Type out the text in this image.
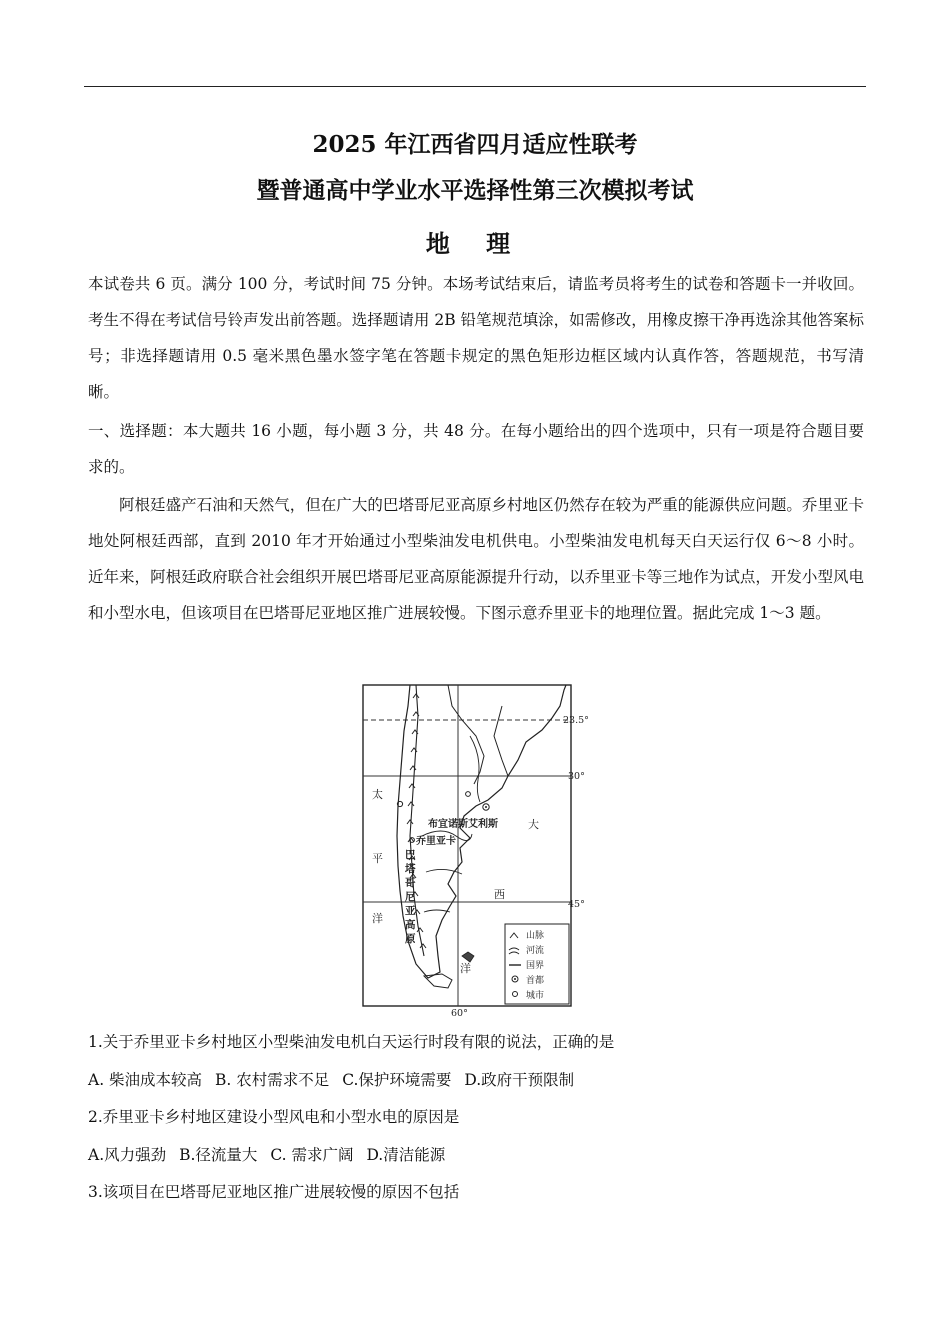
2025 年江西省四月适应性联考
暨普通高中学业水平选择性第三次模拟考试
地 理

本试卷共 6 页。满分 100 分，考试时间 75 分钟。本场考试结束后，请监考员将考生的试卷和答题卡一并收回。考生不得在考试信号铃声发出前答题。选择题请用 2B 铅笔规范填涂，如需修改，用橡皮擦干净再选涂其他答案标号；非选择题请用 0.5 毫米黑色墨水签字笔在答题卡规定的黑色矩形边框区域内认真作答，答题规范，书写清晰。

一、选择题：本大题共 16 小题，每小题 3 分，共 48 分。在每小题给出的四个选项中，只有一项是符合题目要求的。

阿根廷盛产石油和天然气，但在广大的巴塔哥尼亚高原乡村地区仍然存在较为严重的能源供应问题。乔里亚卡地处阿根廷西部，直到 2010 年才开始通过小型柴油发电机供电。小型柴油发电机每天白天运行仅 6～8 小时。近年来，阿根廷政府联合社会组织开展巴塔哥尼亚高原能源提升行动，以乔里亚卡等三地作为试点，开发小型风电和小型水电，但该项目在巴塔哥尼亚地区推广进展较慢。下图示意乔里亚卡的地理位置。据此完成 1～3 题。

23.5°
30°
45°
60°
布宜诺斯艾利斯
乔里亚卡
巴
塔
哥
尼
亚
高
原
太
平
洋
大
西
洋
山脉
河流
国界
首都
城市
1.关于乔里亚卡乡村地区小型柴油发电机白天运行时段有限的说法，正确的是
A. 柴油成本较高 B. 农村需求不足 C.保护环境需要 D.政府干预限制
2.乔里亚卡乡村地区建设小型风电和小型水电的原因是
A.风力强劲 B.径流量大 C. 需求广阔 D.清洁能源
3.该项目在巴塔哥尼亚地区推广进展较慢的原因不包括
